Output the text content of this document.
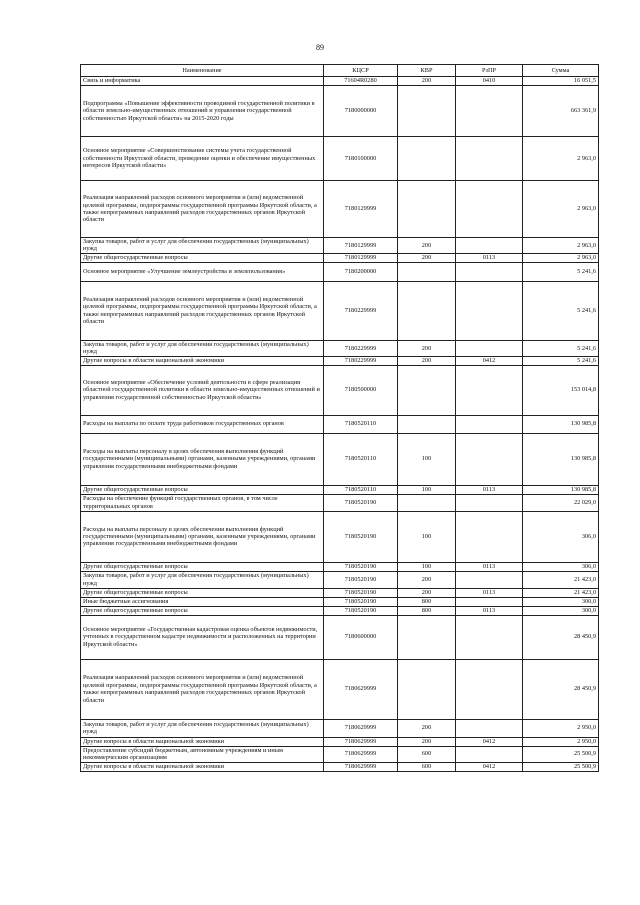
89
Наименование	КЦСР	КВР	РзПР	Сумма
Связь и информатика	71604R0280	200	0410	16 051,5
Подпрограмма «Повышение эффективности проводимой государственной политики в области земельно-имущественных отношений и управления государственной собственностью Иркутской области» на 2015-2020 годы	7180000000			663 361,9
Основное мероприятие «Совершенствование системы учета государственной собственности Иркутской области, проведение оценки и обеспечение имущественных интересов Иркутской области»	7180100000			2 963,0
Реализация направлений расходов основного мероприятия и (или) ведомственной целевой программы, подпрограммы государственной программы Иркутской области, а также непрограммных направлений расходов государственных органов Иркутской области	7180129999			2 963,0
Закупка товаров, работ и услуг для обеспечения государственных (муниципальных) нужд	7180129999	200		2 963,0
Другие общегосударственные вопросы	7180129999	200	0113	2 963,0
Основное мероприятие «Улучшение землеустройства и землепользования»	7180200000			5 241,6
Реализация направлений расходов основного мероприятия и (или) ведомственной целевой программы, подпрограммы государственной программы Иркутской области, а также непрограммных направлений расходов государственных органов Иркутской области	7180229999			5 241,6
Закупка товаров, работ и услуг для обеспечения государственных (муниципальных) нужд	7180229999	200		5 241,6
Другие вопросы в области национальной экономики	7180229999	200	0412	5 241,6
Основное мероприятие «Обеспечение условий деятельности в сфере реализации областной государственной политики в области земельно-имущественных отношений и управления государственной собственностью Иркутской области»	7180500000			153 014,8
Расходы на выплаты по оплате труда работников государственных органов	7180520110			130 985,8
Расходы на выплаты персоналу в целях обеспечения выполнения функций государственными (муниципальными) органами, казенными учреждениями, органами управления государственными внебюджетными фондами	7180520110	100		130 985,8
Другие общегосударственные вопросы	7180520110	100	0113	130 985,8
Расходы на обеспечение функций государственных органов, в том числе территориальных органов	7180520190			22 029,0
Расходы на выплаты персоналу в целях обеспечения выполнения функций государственными (муниципальными) органами, казенными учреждениями, органами управления государственными внебюджетными фондами	7180520190	100		306,0
Другие общегосударственные вопросы	7180520190	100	0113	306,0
Закупка товаров, работ и услуг для обеспечения государственных (муниципальных) нужд	7180520190	200		21 423,0
Другие общегосударственные вопросы	7180520190	200	0113	21 423,0
Иные бюджетные ассигнования	7180520190	800		300,0
Другие общегосударственные вопросы	7180520190	800	0113	300,0
Основное мероприятие «Государственная кадастровая оценка объектов недвижимости, учтенных в государственном кадастре недвижимости и расположенных на территории Иркутской области»	7180600000			28 450,9
Реализация направлений расходов основного мероприятия и (или) ведомственной целевой программы, подпрограммы государственной программы Иркутской области, а также непрограммных направлений расходов государственных органов Иркутской области	7180629999			28 450,9
Закупка товаров, работ и услуг для обеспечения государственных (муниципальных) нужд	7180629999	200		2 950,0
Другие вопросы в области национальной экономики	7180629999	200	0412	2 950,0
Предоставление субсидий бюджетным, автономным учреждениям и иным некоммерческим организациям	7180629999	600		25 500,9
Другие вопросы в области национальной экономики	7180629999	600	0412	25 500,9
